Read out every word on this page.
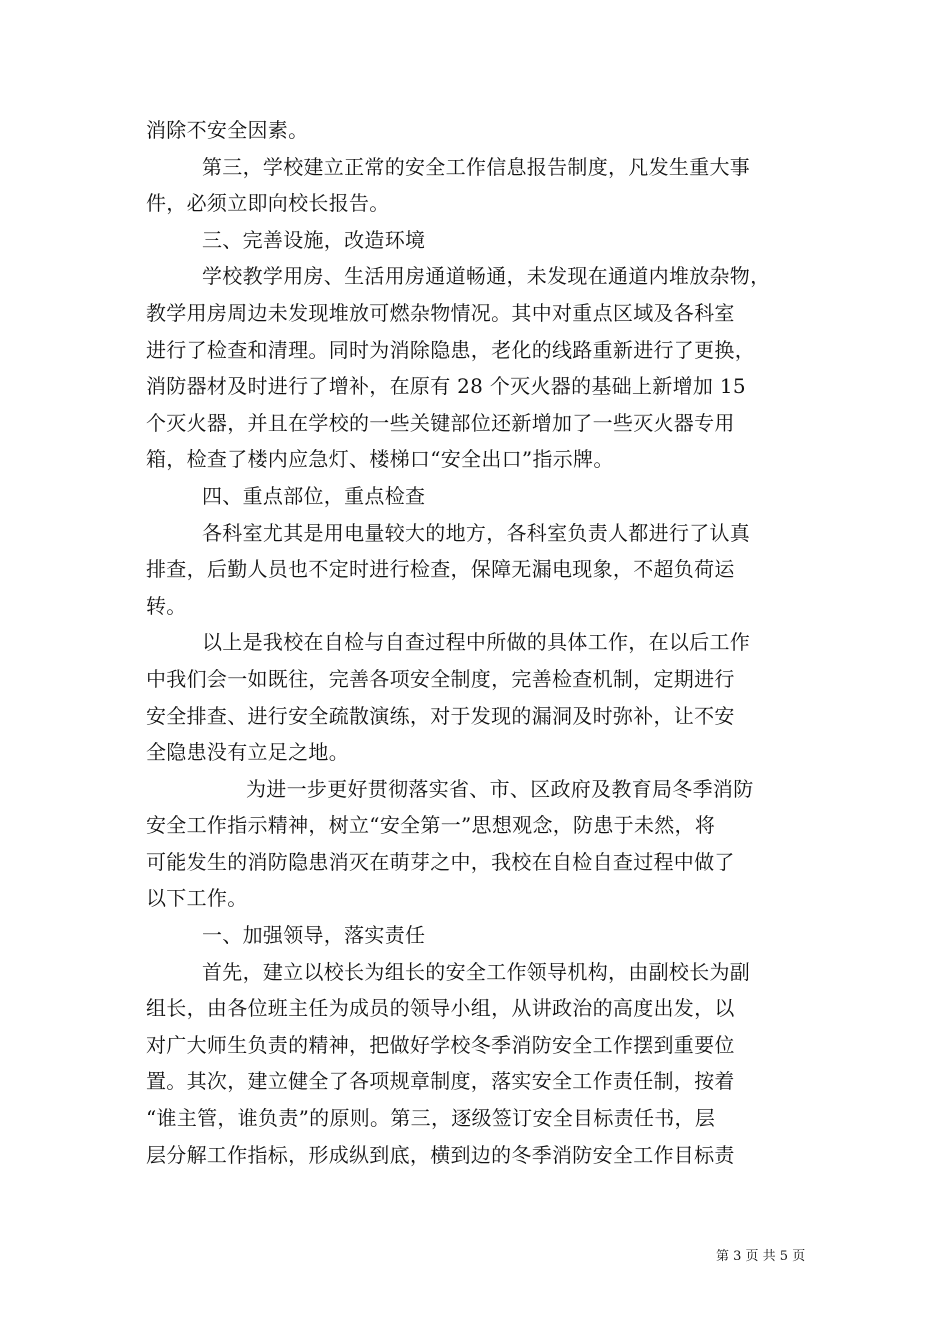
消除不安全因素。
第三，学校建立正常的安全工作信息报告制度，凡发生重大事
件，必须立即向校长报告。
三、完善设施，改造环境
学校教学用房、生活用房通道畅通，未发现在通道内堆放杂物，
教学用房周边未发现堆放可燃杂物情况。其中对重点区域及各科室
进行了检查和清理。同时为消除隐患，老化的线路重新进行了更换，
消防器材及时进行了增补，在原有 28 个灭火器的基础上新增加 15
个灭火器，并且在学校的一些关键部位还新增加了一些灭火器专用
箱，检查了楼内应急灯、楼梯口“安全出口”指示牌。
四、重点部位，重点检查
各科室尤其是用电量较大的地方，各科室负责人都进行了认真
排查，后勤人员也不定时进行检查，保障无漏电现象，不超负荷运
转。
以上是我校在自检与自查过程中所做的具体工作，在以后工作
中我们会一如既往，完善各项安全制度，完善检查机制，定期进行
安全排查、进行安全疏散演练，对于发现的漏洞及时弥补，让不安
全隐患没有立足之地。
为进一步更好贯彻落实省、市、区政府及教育局冬季消防
安全工作指示精神，树立“安全第一”思想观念，防患于未然，将
可能发生的消防隐患消灭在萌芽之中，我校在自检自查过程中做了
以下工作。
一、加强领导，落实责任
首先，建立以校长为组长的安全工作领导机构，由副校长为副
组长，由各位班主任为成员的领导小组，从讲政治的高度出发，以
对广大师生负责的精神，把做好学校冬季消防安全工作摆到重要位
置。其次，建立健全了各项规章制度，落实安全工作责任制，按着
“谁主管，谁负责”的原则。第三，逐级签订安全目标责任书，层
层分解工作指标，形成纵到底，横到边的冬季消防安全工作目标责
第 3 页 共 5 页
